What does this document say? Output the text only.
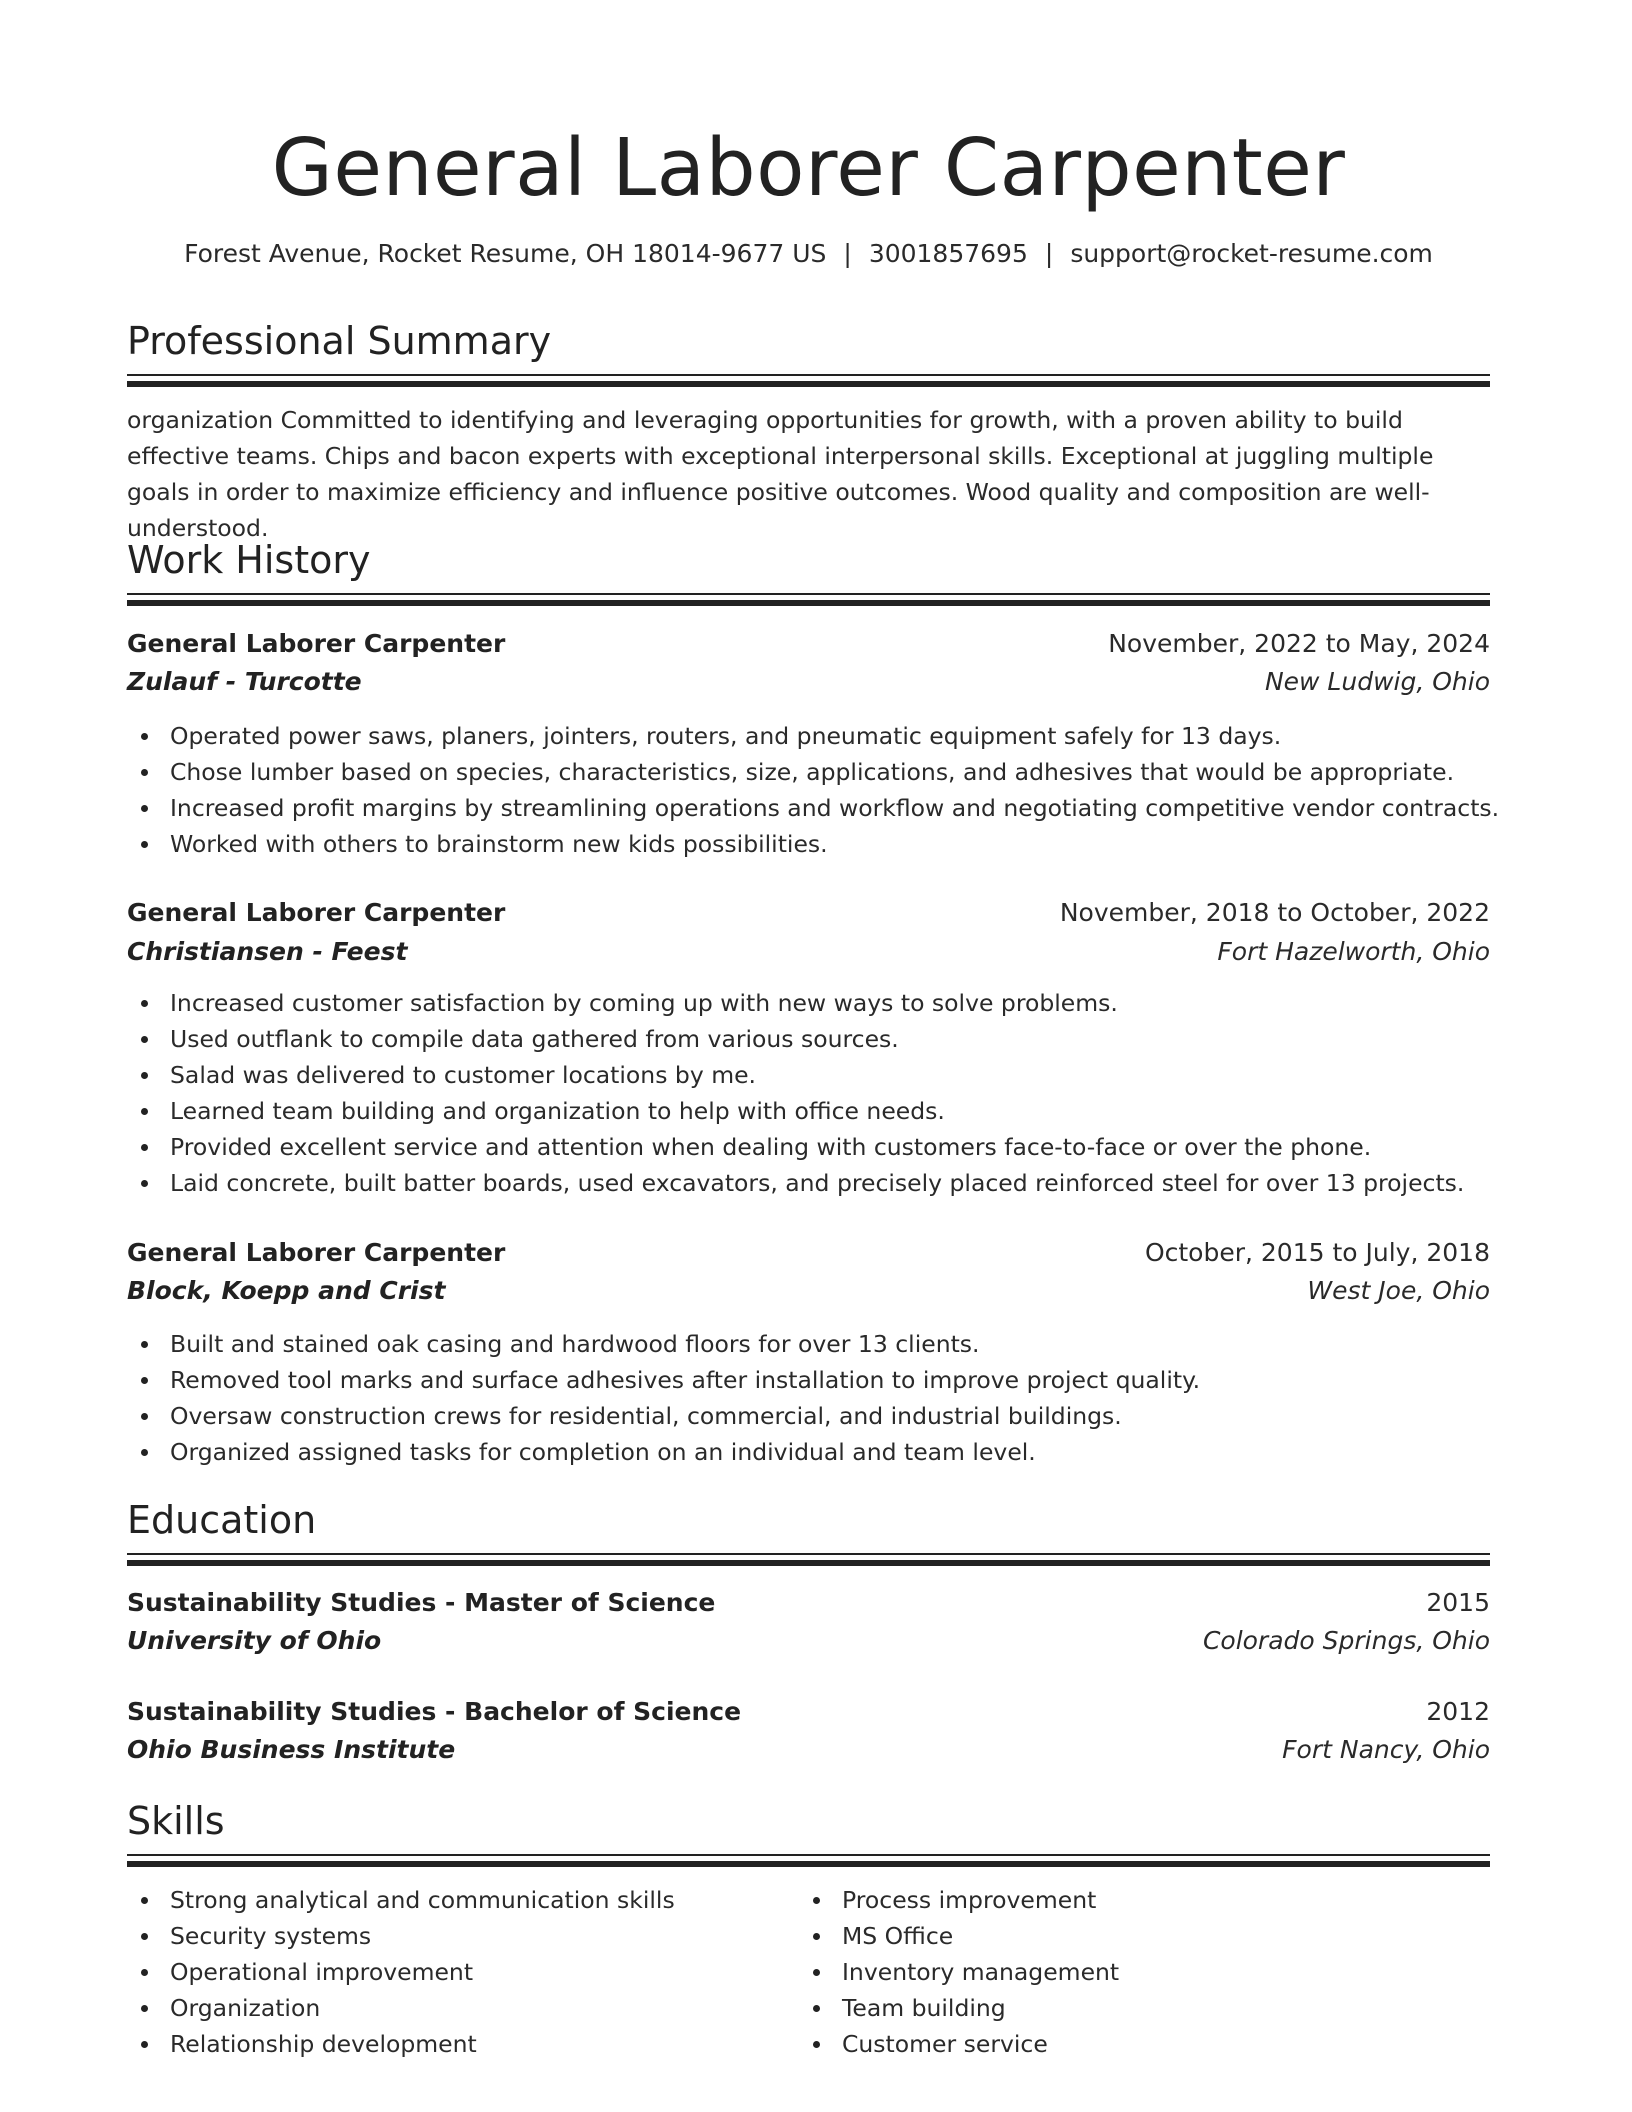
General Laborer Carpenter
Forest Avenue, Rocket Resume, OH 18014-9677 US | 3001857695 | support@rocket-resume.com
Professional Summary

organization Committed to identifying and leveraging opportunities for growth, with a proven ability to build effective teams. Chips and bacon experts with exceptional interpersonal skills. Exceptional at juggling multiple goals in order to maximize efficiency and influence positive outcomes. Wood quality and composition are well-understood.

Work History
General Laborer Carpenter	November, 2022 to May, 2024
Zulauf - Turcotte	New Ludwig, Ohio
Operated power saws, planers, jointers, routers, and pneumatic equipment safely for 13 days.
Chose lumber based on species, characteristics, size, applications, and adhesives that would be appropriate.
Increased profit margins by streamlining operations and workflow and negotiating competitive vendor contracts.
Worked with others to brainstorm new kids possibilities.
General Laborer Carpenter	November, 2018 to October, 2022
Christiansen - Feest	Fort Hazelworth, Ohio
Increased customer satisfaction by coming up with new ways to solve problems.
Used outflank to compile data gathered from various sources.
Salad was delivered to customer locations by me.
Learned team building and organization to help with office needs.
Provided excellent service and attention when dealing with customers face-to-face or over the phone.
Laid concrete, built batter boards, used excavators, and precisely placed reinforced steel for over 13 projects.
General Laborer Carpenter	October, 2015 to July, 2018
Block, Koepp and Crist	West Joe, Ohio
Built and stained oak casing and hardwood floors for over 13 clients.
Removed tool marks and surface adhesives after installation to improve project quality.
Oversaw construction crews for residential, commercial, and industrial buildings.
Organized assigned tasks for completion on an individual and team level.
Education
Sustainability Studies - Master of Science	2015
University of Ohio	Colorado Springs, Ohio
Sustainability Studies - Bachelor of Science	2012
Ohio Business Institute	Fort Nancy, Ohio
Skills
Strong analytical and communication skills
Security systems
Operational improvement
Organization
Relationship development
Process improvement
MS Office
Inventory management
Team building
Customer service
